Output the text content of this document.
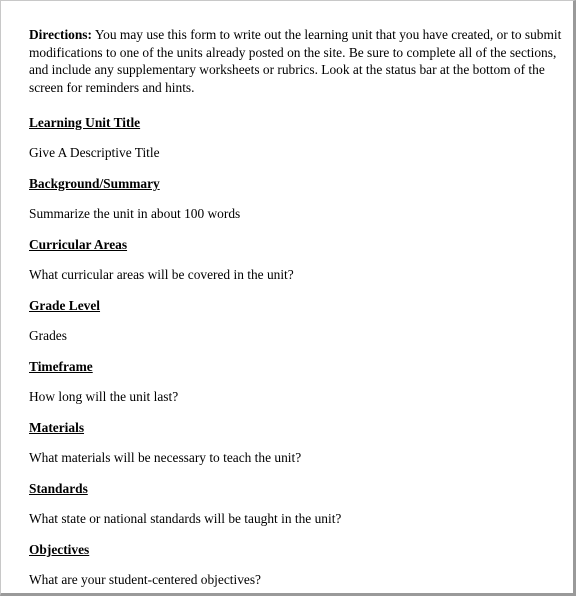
Directions: You may use this form to write out the learning unit that you have created, or to submit modifications to one of the units already posted on the site. Be sure to complete all of the sections, and include any supplementary worksheets or rubrics. Look at the status bar at the bottom of the screen for reminders and hints.

Learning Unit Title
Give A Descriptive Title
Background/Summary
Summarize the unit in about 100 words
Curricular Areas
What curricular areas will be covered in the unit?
Grade Level
Grades
Timeframe
How long will the unit last?
Materials
What materials will be necessary to teach the unit?
Standards
What state or national standards will be taught in the unit?
Objectives
What are your student-centered objectives?
